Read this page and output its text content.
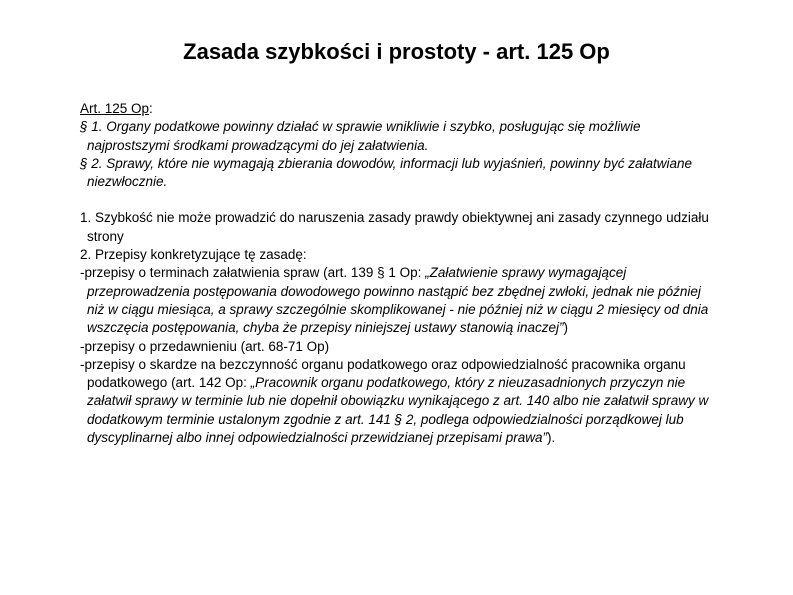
Zasada szybkości i prostoty - art. 125 Op

Art. 125 Op:

§ 1. Organy podatkowe powinny działać w sprawie wnikliwie i szybko, posługując się możliwie najprostszymi środkami prowadzącymi do jej załatwienia.

§ 2. Sprawy, które nie wymagają zbierania dowodów, informacji lub wyjaśnień, powinny być załatwiane niezwłocznie.

1. Szybkość nie może prowadzić do naruszenia zasady prawdy obiektywnej ani zasady czynnego udziału strony

2. Przepisy konkretyzujące tę zasadę:

-przepisy o terminach załatwienia spraw (art. 139 § 1 Op: „Załatwienie sprawy wymagającej przeprowadzenia postępowania dowodowego powinno nastąpić bez zbędnej zwłoki, jednak nie później niż w ciągu miesiąca, a sprawy szczególnie skomplikowanej - nie później niż w ciągu 2 miesięcy od dnia wszczęcia postępowania, chyba że przepisy niniejszej ustawy stanowią inaczej”)

-przepisy o przedawnieniu (art. 68-71 Op)

-przepisy o skardze na bezczynność organu podatkowego oraz odpowiedzialność pracownika organu podatkowego (art. 142 Op: „Pracownik organu podatkowego, który z nieuzasadnionych przyczyn nie załatwił sprawy w terminie lub nie dopełnił obowiązku wynikającego z art. 140 albo nie załatwił sprawy w dodatkowym terminie ustalonym zgodnie z art. 141 § 2, podlega odpowiedzialności porządkowej lub dyscyplinarnej albo innej odpowiedzialności przewidzianej przepisami prawa”).
